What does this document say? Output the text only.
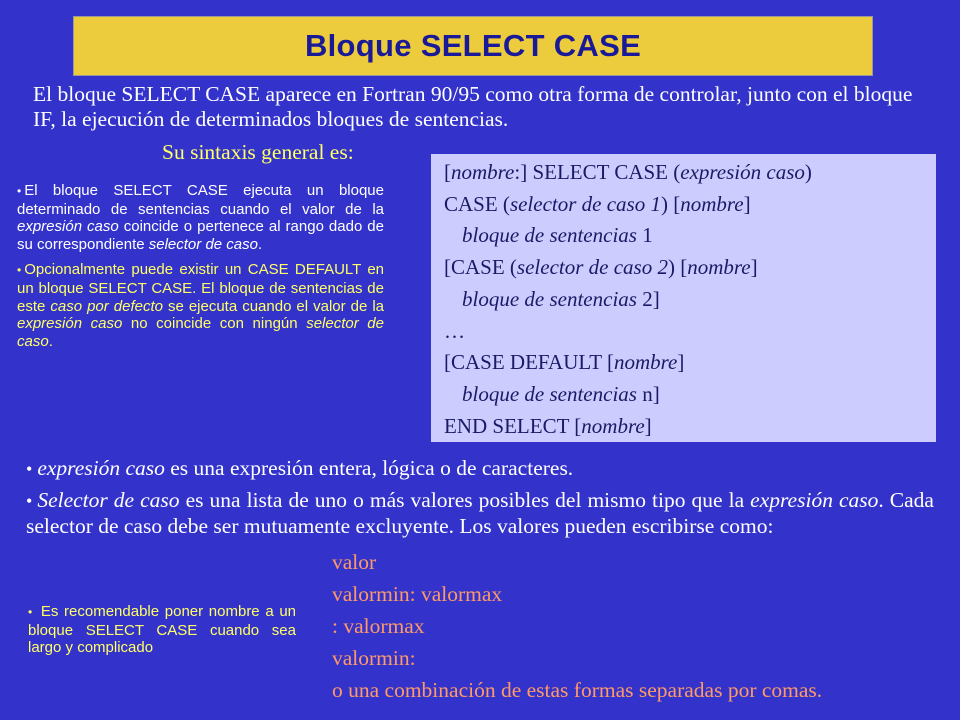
Bloque SELECT CASE
El bloque SELECT CASE aparece en Fortran 90/95 como otra forma de controlar, junto con el bloque IF, la ejecución de determinados bloques de sentencias.
Su sintaxis general es:
[nombre:] SELECT CASE (expresión caso)
CASE (selector de caso 1) [nombre]
bloque de sentencias 1
[CASE (selector de caso 2) [nombre]
bloque de sentencias 2]
…
[CASE DEFAULT [nombre]
bloque de sentencias n]
END SELECT [nombre]

• El bloque SELECT CASE ejecuta un bloque determinado de sentencias cuando el valor de la expresión caso coincide o pertenece al rango dado de su correspondiente selector de caso.

• Opcionalmente puede existir un CASE DEFAULT en un bloque SELECT CASE. El bloque de sentencias de este caso por defecto se ejecuta cuando el valor de la expresión caso no coincide con ningún selector de caso.

• expresión caso es una expresión entera, lógica o de caracteres.

• Selector de caso es una lista de uno o más valores posibles del mismo tipo que la expresión caso. Cada selector de caso debe ser mutuamente excluyente. Los valores pueden escribirse como:

valor
valormin: valormax
: valormax
valormin:
o una combinación de estas formas separadas por comas.
• Es recomendable poner nombre a un bloque SELECT CASE cuando sea largo y complicado
